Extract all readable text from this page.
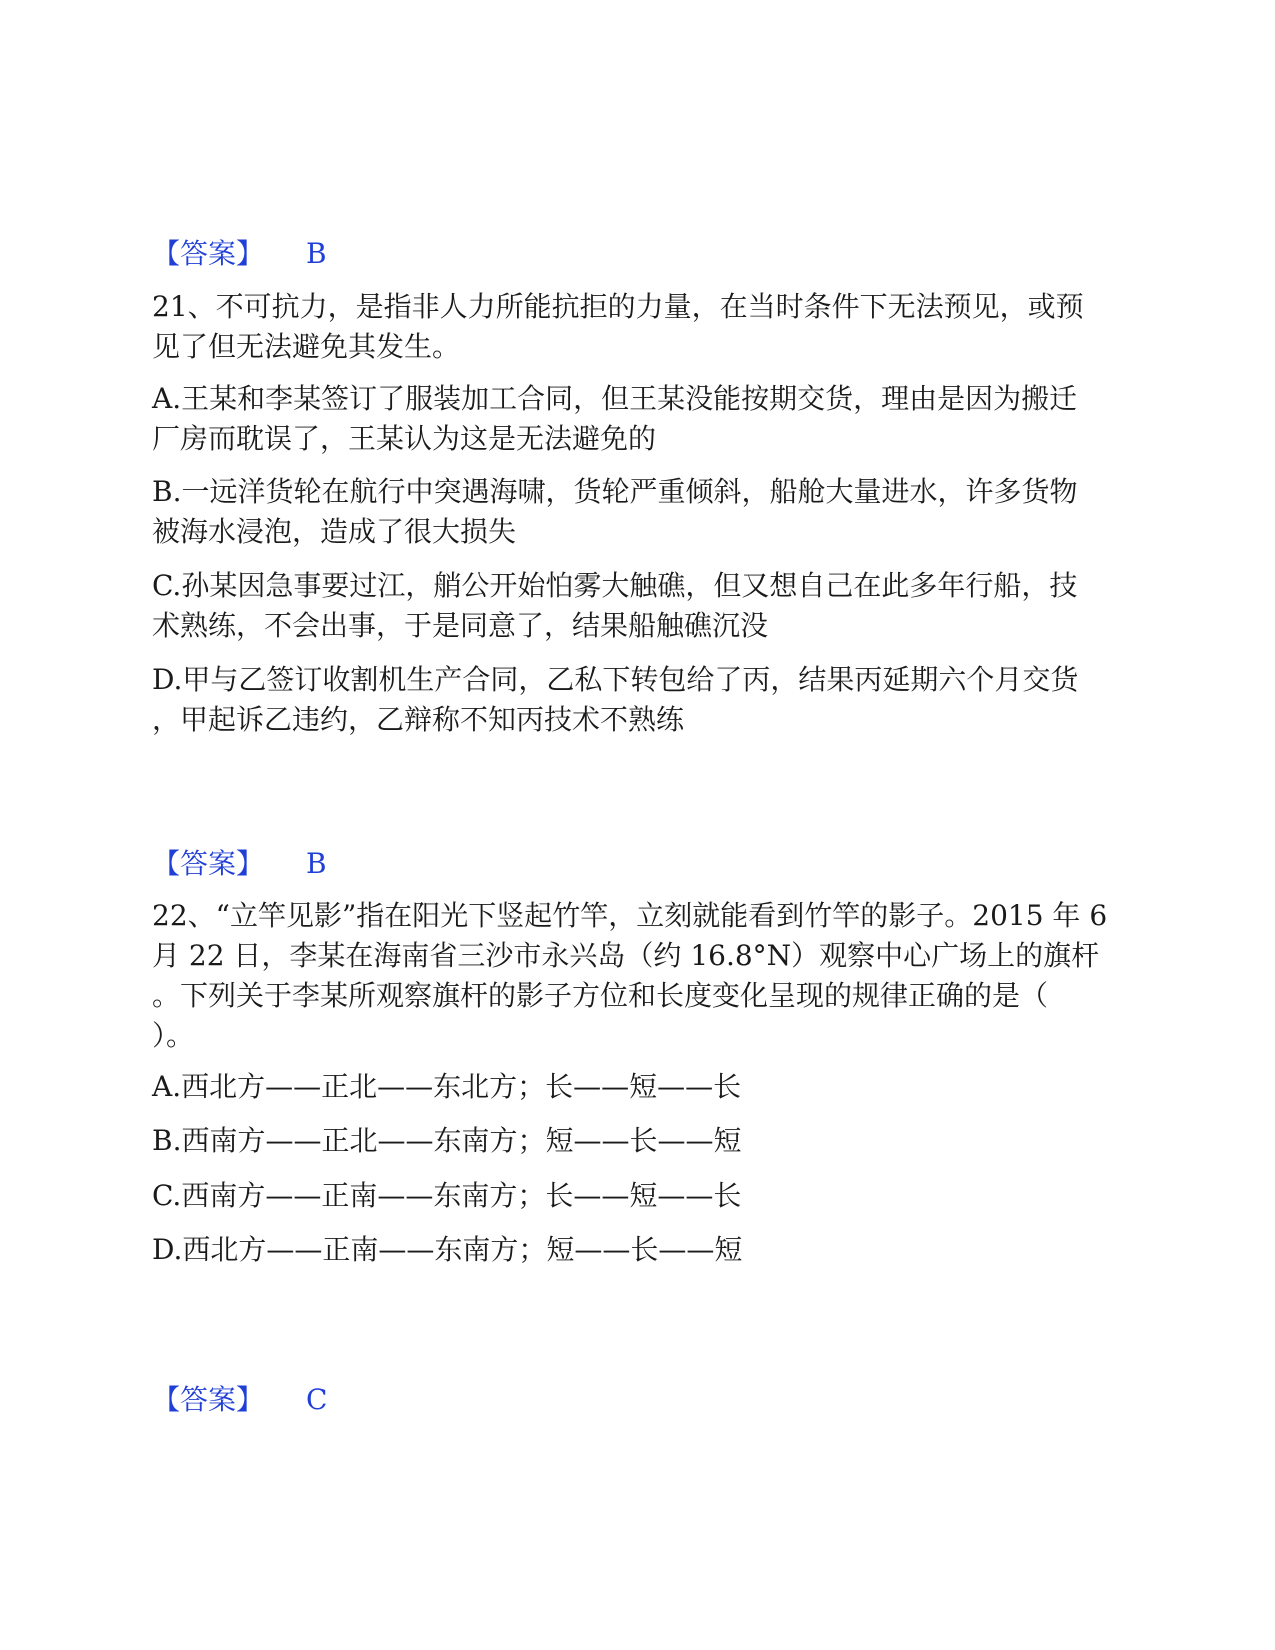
【答案】 B
21、不可抗力，是指非人力所能抗拒的力量，在当时条件下无法预见，或预
见了但无法避免其发生。
A.王某和李某签订了服装加工合同，但王某没能按期交货，理由是因为搬迁
厂房而耽误了，王某认为这是无法避免的
B.一远洋货轮在航行中突遇海啸，货轮严重倾斜，船舱大量进水，许多货物
被海水浸泡，造成了很大损失
C.孙某因急事要过江，艄公开始怕雾大触礁，但又想自己在此多年行船，技
术熟练，不会出事，于是同意了，结果船触礁沉没
D.甲与乙签订收割机生产合同，乙私下转包给了丙，结果丙延期六个月交货
，甲起诉乙违约，乙辩称不知丙技术不熟练
【答案】 B
22、“立竿见影”指在阳光下竖起竹竿，立刻就能看到竹竿的影子。2015 年 6
月 22 日，李某在海南省三沙市永兴岛（约 16.8°N）观察中心广场上的旗杆
。下列关于李某所观察旗杆的影子方位和长度变化呈现的规律正确的是（
）。
A.西北方——正北——东北方；长——短——长
B.西南方——正北——东南方；短——长——短
C.西南方——正南——东南方；长——短——长
D.西北方——正南——东南方；短——长——短
【答案】 C
